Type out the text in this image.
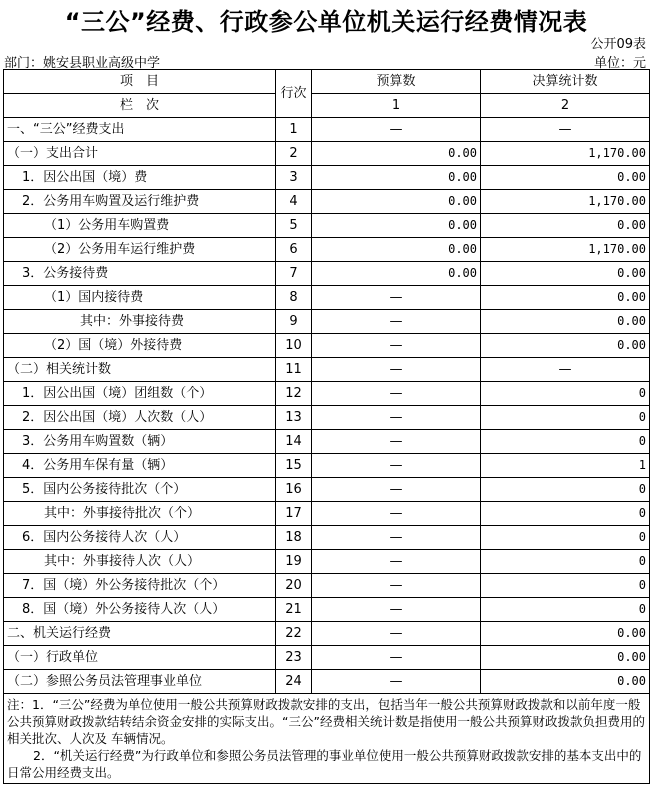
“三公”经费、行政参公单位机关运行经费情况表
公开09表
部门：姚安县职业高级中学	单位：元
项　目	行次	预算数	决算统计数
栏　次		1	2
一、“三公”经费支出	1	—	—
（一）支出合计	2	0.00	1,170.00
1．因公出国（境）费	3	0.00	0.00
2．公务用车购置及运行维护费	4	0.00	1,170.00
（1）公务用车购置费	5	0.00	0.00
（2）公务用车运行维护费	6	0.00	1,170.00
3．公务接待费	7	0.00	0.00
（1）国内接待费	8	—	0.00
其中：外事接待费	9	—	0.00
（2）国（境）外接待费	10	—	0.00
（二）相关统计数	11	—	—
1．因公出国（境）团组数（个）	12	—	0
2．因公出国（境）人次数（人）	13	—	0
3．公务用车购置数（辆）	14	—	0
4．公务用车保有量（辆）	15	—	1
5．国内公务接待批次（个）	16	—	0
其中：外事接待批次（个）	17	—	0
6．国内公务接待人次（人）	18	—	0
其中：外事接待人次（人）	19	—	0
7．国（境）外公务接待批次（个）	20	—	0
8．国（境）外公务接待人次（人）	21	—	0
二、机关运行经费	22	—	0.00
（一）行政单位	23	—	0.00
（二）参照公务员法管理事业单位	24	—	0.00

注：1．“三公”经费为单位使用一般公共预算财政拨款安排的支出，包括当年一般公共预算财政拨款和以前年度一般公共预算财政拨款结转结余资金安排的实际支出。“三公”经费相关统计数是指使用一般公共预算财政拨款负担费用的相关批次、人次及 车辆情况。
2．“机关运行经费”为行政单位和参照公务员法管理的事业单位使用一般公共预算财政拨款安排的基本支出中的日常公用经费支出。			
